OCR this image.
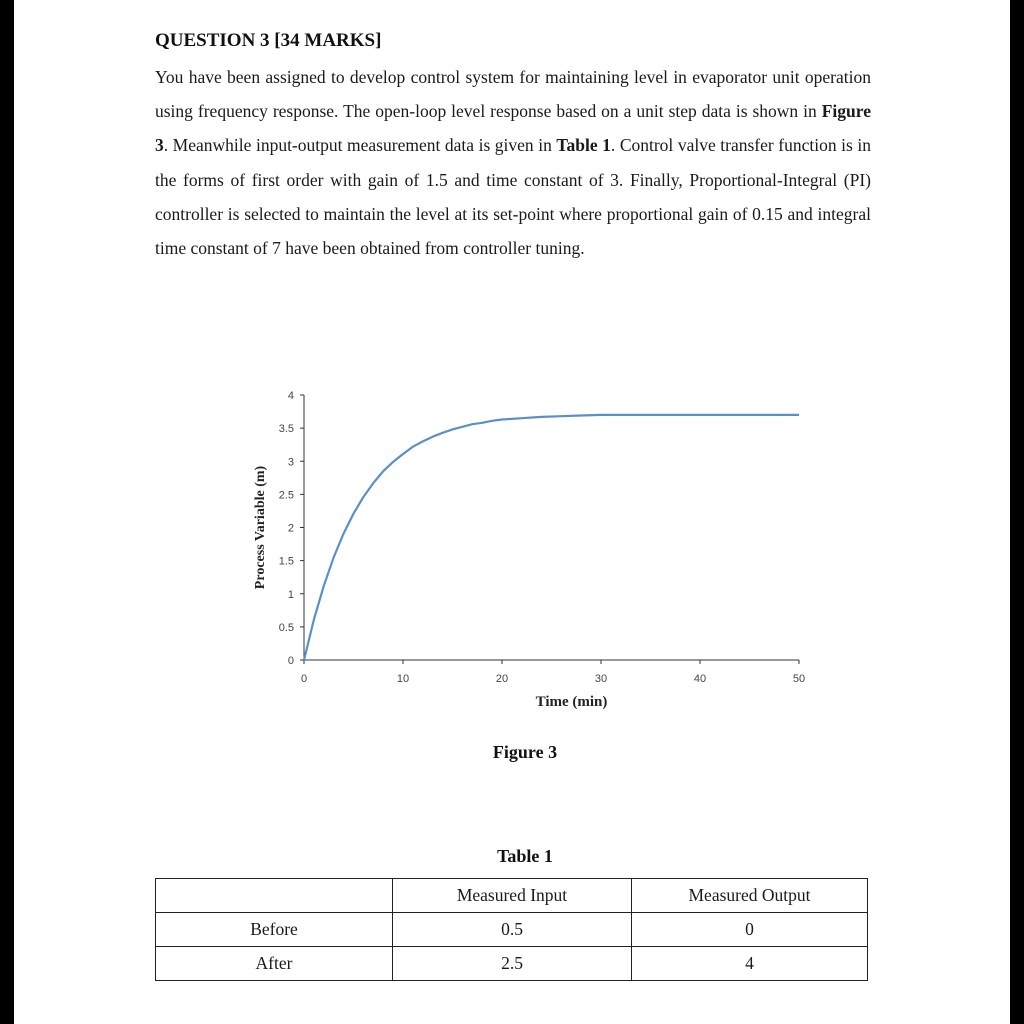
QUESTION 3 [34 MARKS]

You have been assigned to develop control system for maintaining level in evaporator unit operation using frequency response. The open-loop level response based on a unit step data is shown in Figure 3. Meanwhile input-output measurement data is given in Table 1. Control valve transfer function is in the forms of first order with gain of 1.5 and time constant of 3. Finally, Proportional-Integral (PI) controller is selected to maintain the level at its set-point where proportional gain of 0.15 and integral time constant of 7 have been obtained from controller tuning.

0
0.5
1
1.5
2
2.5
3
3.5
4
0	10	20	30	40	50
Time (min)
Process Variable (m)
Figure 3
Table 1
	Measured Input	Measured Output
Before	0.5	0
After	2.5	4
